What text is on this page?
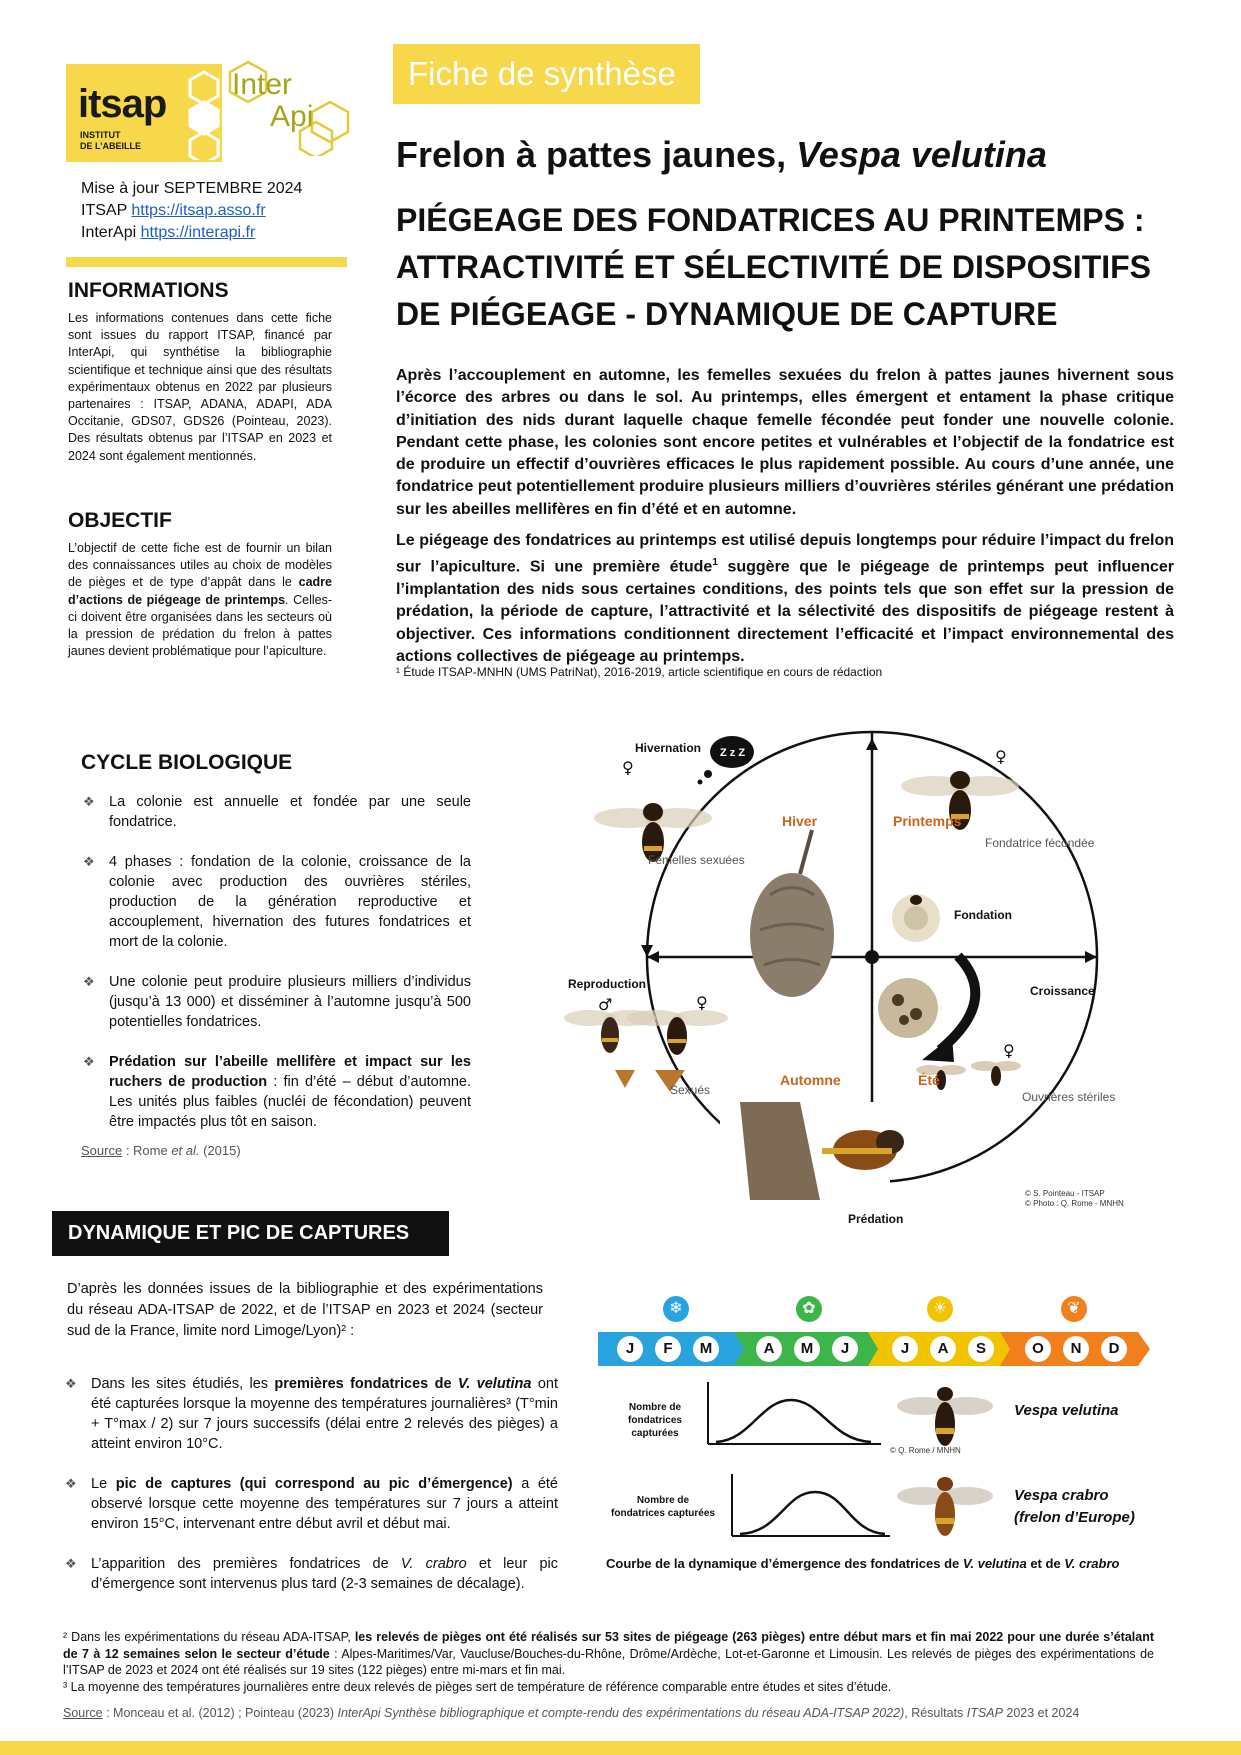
itsap
INSTITUT
DE L’ABEILLE
Inter
Api
Mise à jour SEPTEMBRE 2024
ITSAP https://itsap.asso.fr
InterApi https://interapi.fr
INFORMATIONS

Les informations contenues dans cette fiche sont issues du rapport ITSAP, financé par InterApi, qui synthétise la bibliographie scientifique et technique ainsi que des résultats expérimentaux obtenus en 2022 par plusieurs partenaires : ITSAP, ADANA, ADAPI, ADA Occitanie, GDS07, GDS26 (Pointeau, 2023). Des résultats obtenus par l’ITSAP en 2023 et 2024 sont également mentionnés.

OBJECTIF

L’objectif de cette fiche est de fournir un bilan des connaissances utiles au choix de modèles de pièges et de type d’appât dans le cadre d’actions de piégeage de printemps. Celles-ci doivent être organisées dans les secteurs où la pression de prédation du frelon à pattes jaunes devient problématique pour l’apiculture.

Fiche de synthèse
Frelon à pattes jaunes, Vespa velutina
PIÉGEAGE DES FONDATRICES AU PRINTEMPS :
ATTRACTIVITÉ ET SÉLECTIVITÉ DE DISPOSITIFS
DE PIÉGEAGE - DYNAMIQUE DE CAPTURE

Après l’accouplement en automne, les femelles sexuées du frelon à pattes jaunes hivernent sous l’écorce des arbres ou dans le sol. Au printemps, elles émergent et entament la phase critique d’initiation des nids durant laquelle chaque femelle fécondée peut fonder une nouvelle colonie. Pendant cette phase, les colonies sont encore petites et vulnérables et l’objectif de la fondatrice est de produire un effectif d’ouvrières efficaces le plus rapidement possible. Au cours d’une année, une fondatrice peut potentiellement produire plusieurs milliers d’ouvrières stériles générant une prédation sur les abeilles mellifères en fin d’été et en automne.

Le piégeage des fondatrices au printemps est utilisé depuis longtemps pour réduire l’impact du frelon sur l’apiculture. Si une première étude$^1$ suggère que le piégeage de printemps peut influencer l’implantation des nids sous certaines conditions, des points tels que son effet sur la pression de prédation, la période de capture, l’attractivité et la sélectivité des dispositifs de piégeage restent à objectiver. Ces informations conditionnent directement l’efficacité et l’impact environnemental des actions collectives de piégeage au printemps.

¹ Étude ITSAP-MNHN (UMS PatriNat), 2016-2019, article scientifique en cours de rédaction

CYCLE BIOLOGIQUE
❖ La colonie est annuelle et fondée par une seule fondatrice.
❖ 4 phases : fondation de la colonie, croissance de la colonie avec production des ouvrières stériles, production de la génération reproductive et accouplement, hivernation des futures fondatrices et mort de la colonie.
❖ Une colonie peut produire plusieurs milliers d’individus (jusqu’à 13 000) et disséminer à l’automne jusqu’à 500 potentielles fondatrices.
❖ Prédation sur l’abeille mellifère et impact sur les ruchers de production : fin d’été – début d’automne. Les unités plus faibles (nucléi de fécondation) peuvent être impactés plus tôt en saison.

Source : Rome et al. (2015)

Hivernation Z z Z
♀
Femelles sexuées
Hiver	Printemps
♀
Fondatrice fécondée
Fondation
Reproduction	Croissance
♂	♀
Sexués
Automne	Été
♀
Ouvrières stériles
Prédation
© S. Pointeau - ITSAP
© Photo : Q. Rome - MNHN
DYNAMIQUE ET PIC DE CAPTURES

D’après les données issues de la bibliographie et des expérimentations du réseau ADA-ITSAP de 2022, et de l’ITSAP en 2023 et 2024 (secteur sud de la France, limite nord Limoge/Lyon)² :

❖ Dans les sites étudiés, les premières fondatrices de V. velutina ont été capturées lorsque la moyenne des températures journalières³ (T°min + T°max / 2) sur 7 jours successifs (délai entre 2 relevés des pièges) a atteint environ 10°C.
❖ Le pic de captures (qui correspond au pic d’émergence) a été observé lorsque cette moyenne des températures sur 7 jours a atteint environ 15°C, intervenant entre début avril et début mai.
❖ L’apparition des premières fondatrices de V. crabro et leur pic d’émergence sont intervenus plus tard (2-3 semaines de décalage).
❄	✿	☀	❦
J	F	M	A	M	J	J	A	S	O	N	D
Nombre de
fondatrices capturées
© Q. Rome / MNHN
Vespa velutina
Nombre de
fondatrices capturées
Vespa crabro
(frelon d’Europe)
Courbe de la dynamique d’émergence des fondatrices de V. velutina et de V. crabro

² Dans les expérimentations du réseau ADA-ITSAP, les relevés de pièges ont été réalisés sur 53 sites de piégeage (263 pièges) entre début mars et fin mai 2022 pour une durée s’étalant de 7 à 12 semaines selon le secteur d’étude : Alpes-Maritimes/Var, Vaucluse/Bouches-du-Rhône, Drôme/Ardèche, Lot-et-Garonne et Limousin. Les relevés de pièges des expérimentations de l’ITSAP de 2023 et 2024 ont été réalisés sur 19 sites (122 pièges) entre mi-mars et fin mai.

³ La moyenne des températures journalières entre deux relevés de pièges sert de température de référence comparable entre études et sites d’étude.

Source : Monceau et al. (2012) ; Pointeau (2023) InterApi Synthèse bibliographique et compte-rendu des expérimentations du réseau ADA-ITSAP 2022), Résultats ITSAP 2023 et 2024
